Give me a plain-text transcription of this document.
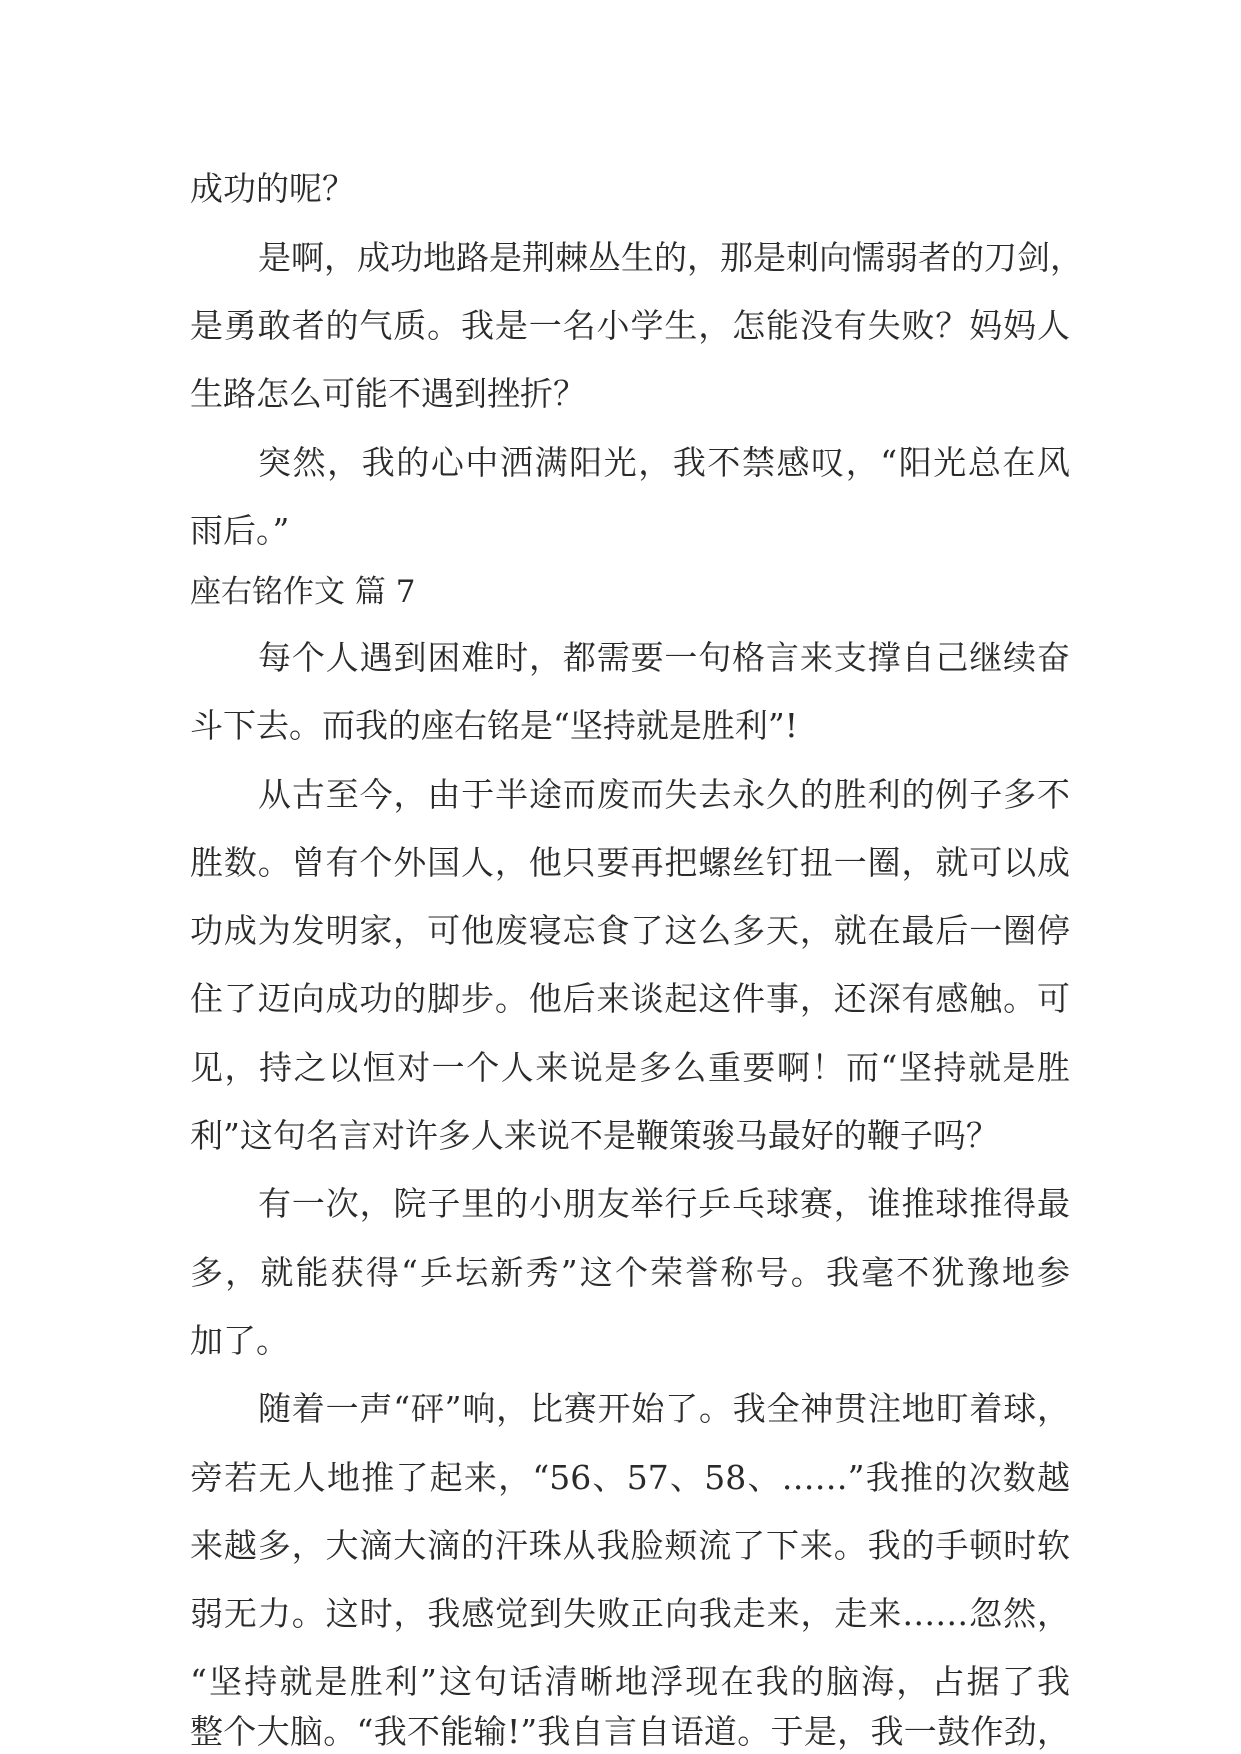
成功的呢？
是啊，成功地路是荆棘丛生的，那是刺向懦弱者的刀剑，
是勇敢者的气质。我是一名小学生，怎能没有失败？妈妈人
生路怎么可能不遇到挫折？
突然，我的心中洒满阳光，我不禁感叹，“阳光总在风
雨后。”
座右铭作文 篇 7
每个人遇到困难时，都需要一句格言来支撑自己继续奋
斗下去。而我的座右铭是“坚持就是胜利”!
从古至今，由于半途而废而失去永久的胜利的例子多不
胜数。曾有个外国人，他只要再把螺丝钉扭一圈，就可以成
功成为发明家，可他废寝忘食了这么多天，就在最后一圈停
住了迈向成功的脚步。他后来谈起这件事，还深有感触。可
见，持之以恒对一个人来说是多么重要啊！而“坚持就是胜
利”这句名言对许多人来说不是鞭策骏马最好的鞭子吗？
有一次，院子里的小朋友举行乒乓球赛，谁推球推得最
多，就能获得“乒坛新秀”这个荣誉称号。我毫不犹豫地参
加了。
随着一声“砰”响，比赛开始了。我全神贯注地盯着球，
旁若无人地推了起来，“56、57、58、……”我推的次数越
来越多，大滴大滴的汗珠从我脸颊流了下来。我的手顿时软
弱无力。这时，我感觉到失败正向我走来，走来……忽然，
“坚持就是胜利”这句话清晰地浮现在我的脑海，占据了我
整个大脑。“我不能输!”我自言自语道。于是，我一鼓作劲，
